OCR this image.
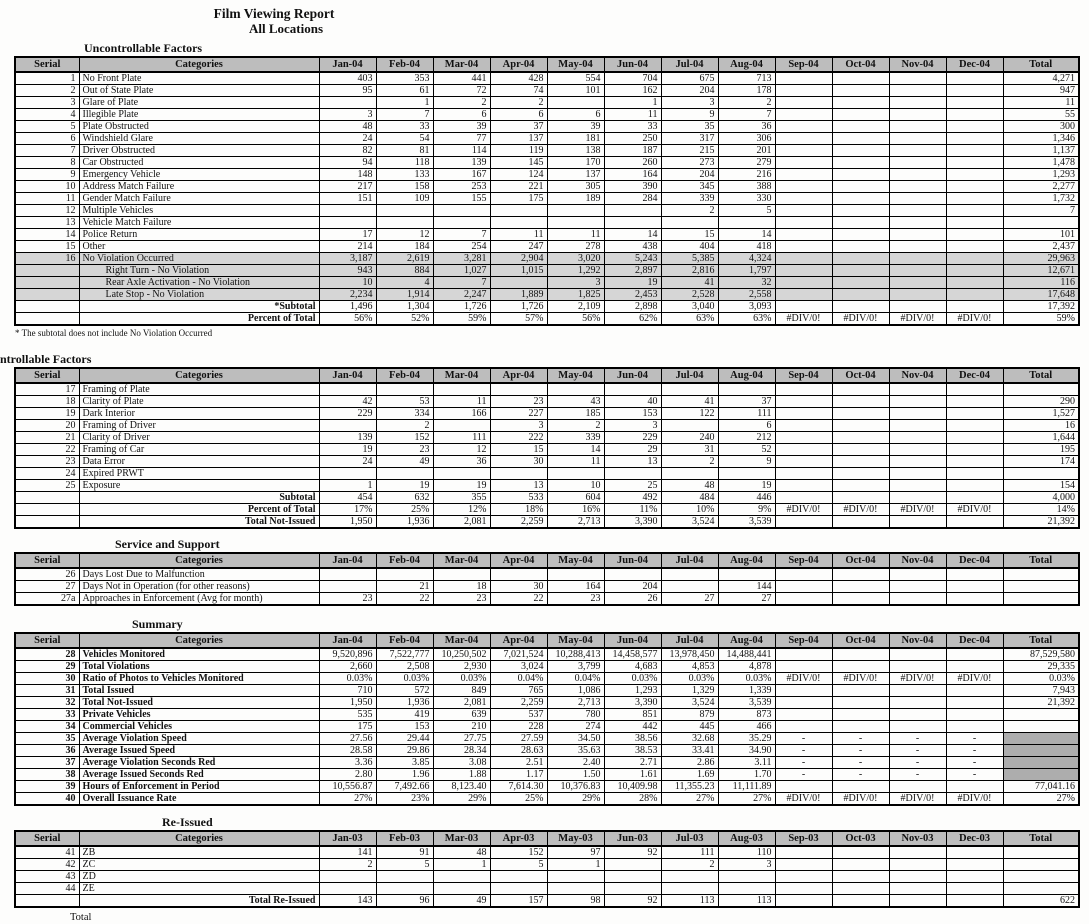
Film Viewing Report
All Locations
Uncontrollable Factors
Serial	Categories	Jan-04	Feb-04	Mar-04	Apr-04	May-04	Jun-04	Jul-04	Aug-04	Sep-04	Oct-04	Nov-04	Dec-04	Total
1	No Front Plate	403	353	441	428	554	704	675	713					4,271
2	Out of State Plate	95	61	72	74	101	162	204	178					947
3	Glare of Plate		1	2	2		1	3	2					11
4	Illegible Plate	3	7	6	6	6	11	9	7					55
5	Plate Obstructed	48	33	39	37	39	33	35	36					300
6	Windshield Glare	24	54	77	137	181	250	317	306					1,346
7	Driver Obstructed	82	81	114	119	138	187	215	201					1,137
8	Car Obstructed	94	118	139	145	170	260	273	279					1,478
9	Emergency Vehicle	148	133	167	124	137	164	204	216					1,293
10	Address Match Failure	217	158	253	221	305	390	345	388					2,277
11	Gender Match Failure	151	109	155	175	189	284	339	330					1,732
12	Multiple Vehicles							2	5					7
13	Vehicle Match Failure													
14	Police Return	17	12	7	11	11	14	15	14					101
15	Other	214	184	254	247	278	438	404	418					2,437
16	No Violation Occurred	3,187	2,619	3,281	2,904	3,020	5,243	5,385	4,324					29,963
	Right Turn - No Violation	943	884	1,027	1,015	1,292	2,897	2,816	1,797					12,671
	Rear Axle Activation - No Violation	10	4	7		3	19	41	32					116
	Late Stop - No Violation	2,234	1,914	2,247	1,889	1,825	2,453	2,528	2,558					17,648
	*Subtotal	1,496	1,304	1,726	1,726	2,109	2,898	3,040	3,093					17,392
	Percent of Total	56%	52%	59%	57%	56%	62%	63%	63%	#DIV/0!	#DIV/0!	#DIV/0!	#DIV/0!	59%
* The subtotal does not include No Violation Occurred
ntrollable Factors
Serial	Categories	Jan-04	Feb-04	Mar-04	Apr-04	May-04	Jun-04	Jul-04	Aug-04	Sep-04	Oct-04	Nov-04	Dec-04	Total
17	Framing of Plate													
18	Clarity of Plate	42	53	11	23	43	40	41	37					290
19	Dark Interior	229	334	166	227	185	153	122	111					1,527
20	Framing of Driver		2		3	2	3		6					16
21	Clarity of Driver	139	152	111	222	339	229	240	212					1,644
22	Framing of Car	19	23	12	15	14	29	31	52					195
23	Data Error	24	49	36	30	11	13	2	9					174
24	Expired PRWT													
25	Exposure	1	19	19	13	10	25	48	19					154
	Subtotal	454	632	355	533	604	492	484	446					4,000
	Percent of Total	17%	25%	12%	18%	16%	11%	10%	9%	#DIV/0!	#DIV/0!	#DIV/0!	#DIV/0!	14%
	Total Not-Issued	1,950	1,936	2,081	2,259	2,713	3,390	3,524	3,539					21,392
Service and Support
Serial	Categories	Jan-04	Feb-04	Mar-04	Apr-04	May-04	Jun-04	Jul-04	Aug-04	Sep-04	Oct-04	Nov-04	Dec-04	Total
26	Days Lost Due to Malfunction													
27	Days Not in Operation (for other reasons)		21	18	30	164	204		144					
27a	Approaches in Enforcement (Avg for month)	23	22	23	22	23	26	27	27					
Summary
Serial	Categories	Jan-04	Feb-04	Mar-04	Apr-04	May-04	Jun-04	Jul-04	Aug-04	Sep-04	Oct-04	Nov-04	Dec-04	Total
28	Vehicles Monitored	9,520,896	7,522,777	10,250,502	7,021,524	10,288,413	14,458,577	13,978,450	14,488,441					87,529,580
29	Total Violations	2,660	2,508	2,930	3,024	3,799	4,683	4,853	4,878					29,335
30	Ratio of Photos to Vehicles Monitored	0.03%	0.03%	0.03%	0.04%	0.04%	0.03%	0.03%	0.03%	#DIV/0!	#DIV/0!	#DIV/0!	#DIV/0!	0.03%
31	Total Issued	710	572	849	765	1,086	1,293	1,329	1,339					7,943
32	Total Not-Issued	1,950	1,936	2,081	2,259	2,713	3,390	3,524	3,539					21,392
33	Private Vehicles	535	419	639	537	780	851	879	873					
34	Commercial Vehicles	175	153	210	228	274	442	445	466					
35	Average Violation Speed	27.56	29.44	27.75	27.59	34.50	38.56	32.68	35.29	-	-	-	-	
36	Average Issued Speed	28.58	29.86	28.34	28.63	35.63	38.53	33.41	34.90	-	-	-	-	
37	Average Violation Seconds Red	3.36	3.85	3.08	2.51	2.40	2.71	2.86	3.11	-	-	-	-	
38	Average Issued Seconds Red	2.80	1.96	1.88	1.17	1.50	1.61	1.69	1.70	-	-	-	-	
39	Hours of Enforcement in Period	10,556.87	7,492.66	8,123.40	7,614.30	10,376.83	10,409.98	11,355.23	11,111.89					77,041.16
40	Overall Issuance Rate	27%	23%	29%	25%	29%	28%	27%	27%	#DIV/0!	#DIV/0!	#DIV/0!	#DIV/0!	27%
Re-Issued
Serial	Categories	Jan-03	Feb-03	Mar-03	Apr-03	May-03	Jun-03	Jul-03	Aug-03	Sep-03	Oct-03	Nov-03	Dec-03	Total
41	ZB	141	91	48	152	97	92	111	110					
42	ZC	2	5	1	5	1		2	3					
43	ZD													
44	ZE													
	Total Re-Issued	143	96	49	157	98	92	113	113					622
Total
